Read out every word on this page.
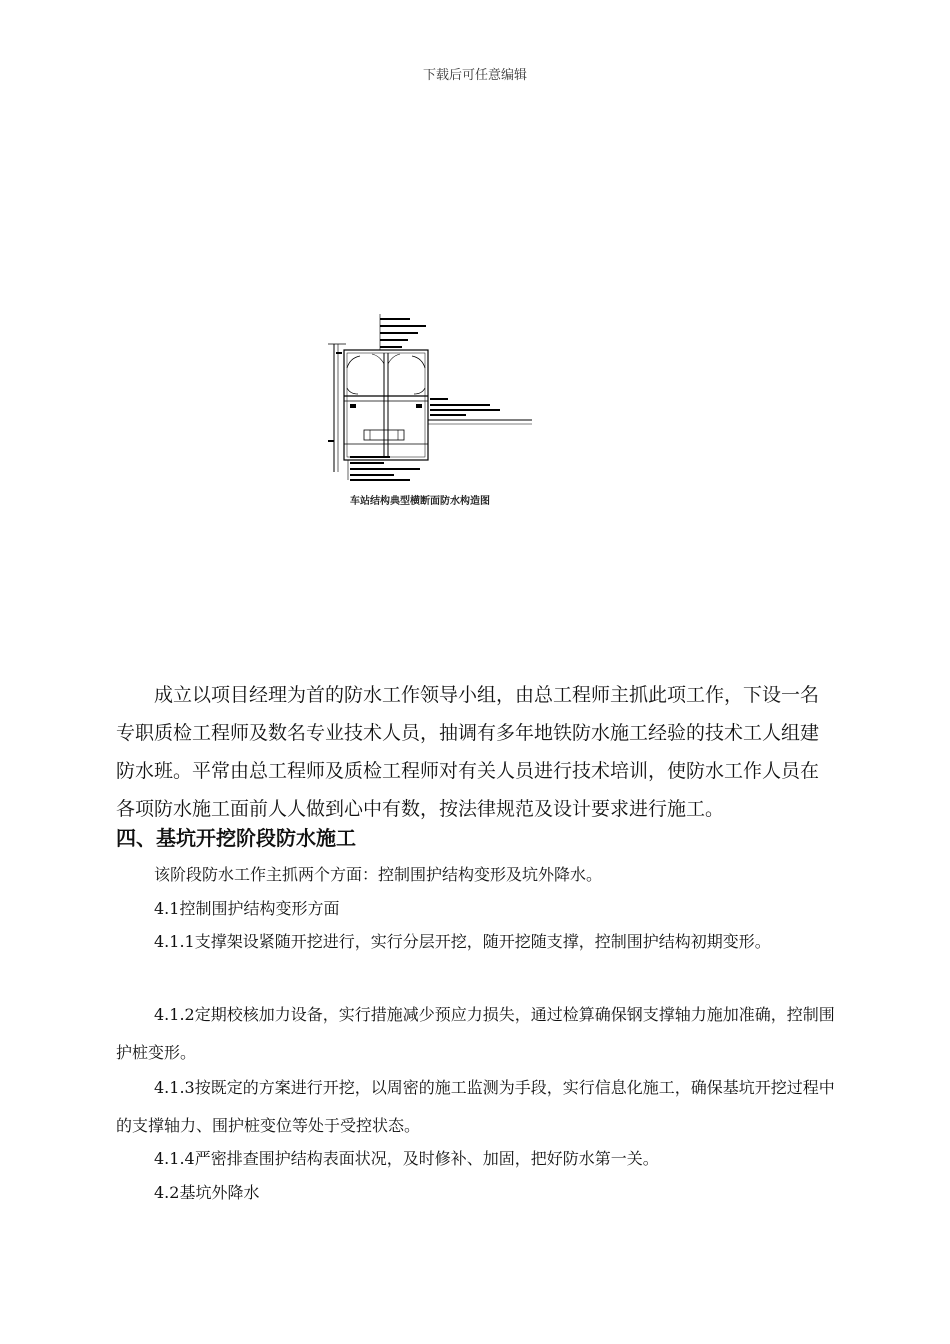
下载后可任意编辑
车站结构典型横断面防水构造图

成立以项目经理为首的防水工作领导小组，由总工程师主抓此项工作，下设一名专职质检工程师及数名专业技术人员，抽调有多年地铁防水施工经验的技术工人组建防水班。平常由总工程师及质检工程师对有关人员进行技术培训，使防水工作人员在各项防水施工面前人人做到心中有数，按法律规范及设计要求进行施工。

四、基坑开挖阶段防水施工

该阶段防水工作主抓两个方面：控制围护结构变形及坑外降水。

4.1控制围护结构变形方面

4.1.1支撑架设紧随开挖进行，实行分层开挖，随开挖随支撑，控制围护结构初期变形。

4.1.2定期校核加力设备，实行措施减少预应力损失，通过检算确保钢支撑轴力施加准确，控制围护桩变形。

4.1.3按既定的方案进行开挖，以周密的施工监测为手段，实行信息化施工，确保基坑开挖过程中的支撑轴力、围护桩变位等处于受控状态。

4.1.4严密排查围护结构表面状况，及时修补、加固，把好防水第一关。

4.2基坑外降水
